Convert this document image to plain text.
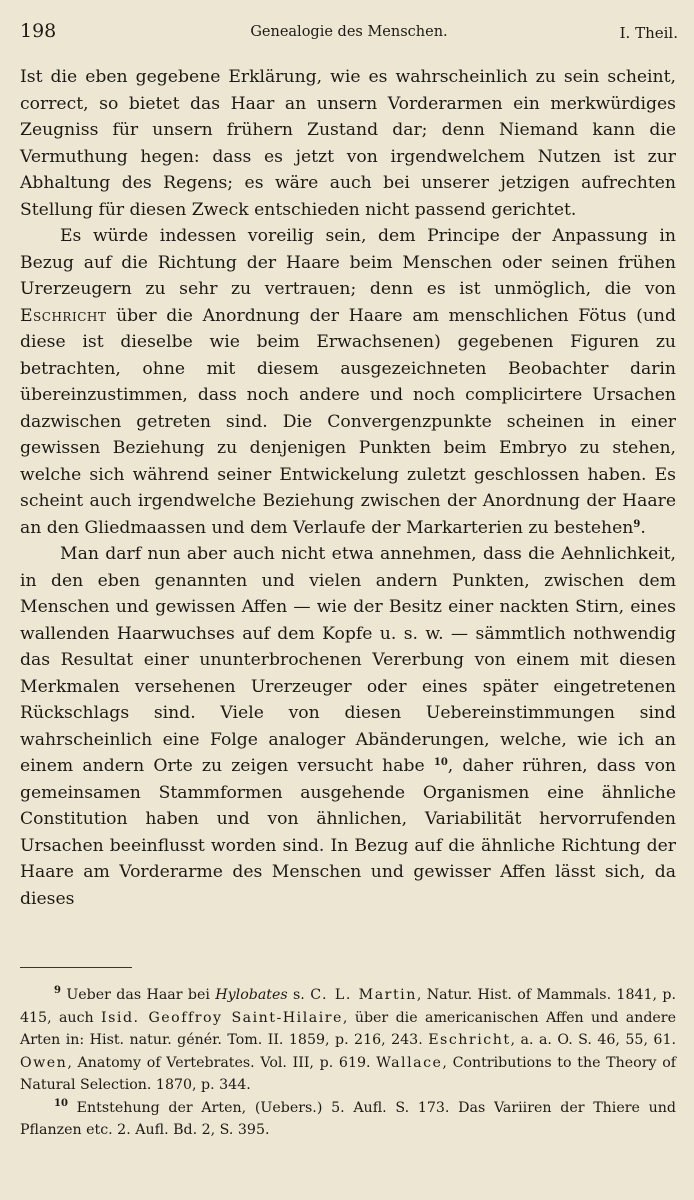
198	Genealogie des Menschen.	I. Theil.

Ist die eben gegebene Erklärung, wie es wahrscheinlich zu sein scheint, correct, so bietet das Haar an unsern Vorderarmen ein merkwürdiges Zeugniss für unsern frühern Zustand dar; denn Niemand kann die Vermuthung hegen: dass es jetzt von irgendwelchem Nutzen ist zur Abhaltung des Regens; es wäre auch bei unserer jetzigen aufrechten Stellung für diesen Zweck entschieden nicht passend gerichtet.

Es würde indessen voreilig sein, dem Principe der Anpassung in Bezug auf die Richtung der Haare beim Menschen oder seinen frühen Urerzeugern zu sehr zu vertrauen; denn es ist unmöglich, die von Eschricht über die Anordnung der Haare am menschlichen Fötus (und diese ist dieselbe wie beim Erwachsenen) gegebenen Figuren zu betrachten, ohne mit diesem ausgezeichneten Beobachter darin übereinzustimmen, dass noch andere und noch complicirtere Ursachen dazwischen getreten sind. Die Convergenzpunkte scheinen in einer gewissen Beziehung zu denjenigen Punkten beim Embryo zu stehen, welche sich während seiner Entwickelung zuletzt geschlossen haben. Es scheint auch irgendwelche Beziehung zwischen der Anordnung der Haare an den Gliedmaassen und dem Verlaufe der Markarterien zu bestehen$^9$.

Man darf nun aber auch nicht etwa annehmen, dass die Aehnlichkeit, in den eben genannten und vielen andern Punkten, zwischen dem Menschen und gewissen Affen — wie der Besitz einer nackten Stirn, eines wallenden Haarwuchses auf dem Kopfe u. s. w. — sämmtlich nothwendig das Resultat einer ununterbrochenen Vererbung von einem mit diesen Merkmalen versehenen Urerzeuger oder eines später eingetretenen Rückschlags sind. Viele von diesen Uebereinstimmungen sind wahrscheinlich eine Folge analoger Abänderungen, welche, wie ich an einem andern Orte zu zeigen versucht habe $^{10}$, daher rühren, dass von gemeinsamen Stammformen ausgehende Organismen eine ähnliche Constitution haben und von ähnlichen, Variabilität hervorrufenden Ursachen beeinflusst worden sind. In Bezug auf die ähnliche Richtung der Haare am Vorderarme des Menschen und gewisser Affen lässt sich, da dieses

$^9$ Ueber das Haar bei Hylobates s. C. L. Martin, Natur. Hist. of Mammals. 1841, p. 415, auch Isid. Geoffroy Saint-Hilaire, über die americanischen Affen und andere Arten in: Hist. natur. génér. Tom. II. 1859, p. 216, 243. Eschricht, a. a. O. S. 46, 55, 61. Owen, Anatomy of Vertebrates. Vol. III, p. 619. Wallace, Contributions to the Theory of Natural Selection. 1870, p. 344.

$^{10}$ Entstehung der Arten, (Uebers.) 5. Aufl. S. 173. Das Variiren der Thiere und Pflanzen etc. 2. Aufl. Bd. 2, S. 395.
